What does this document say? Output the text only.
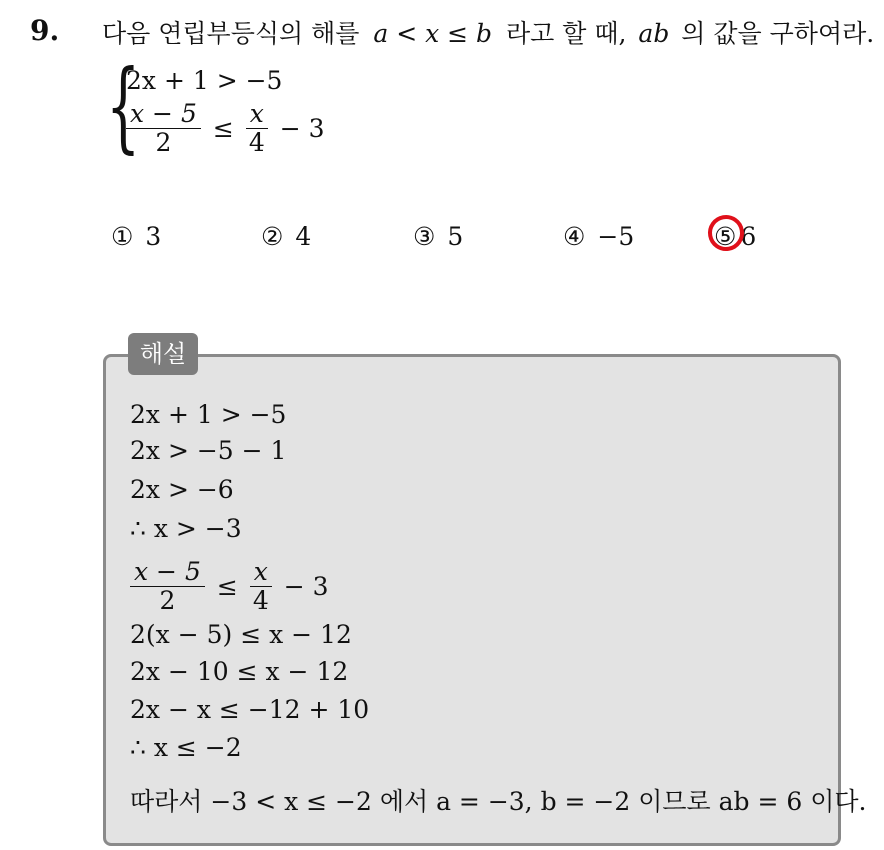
9. 다음 연립부등식의 해를 a < x ≤ b 라고 할 때, ab 의 값을 구하여라.
{
2x + 1 > −5
$\frac{x - 5}{2} \le \frac{x}{4} - 3$
① 3	② 4	③ 5	④ −5	⑤ 6
해설
2x + 1 > −5
2x > −5 − 1
2x > −6
∴ x > −3
$\frac{x - 5}{2} \le \frac{x}{4} - 3$
2(x − 5) ≤ x − 12
2x − 10 ≤ x − 12
2x − x ≤ −12 + 10
∴ x ≤ −2
따라서 −3 < x ≤ −2 에서 a = −3, b = −2 이므로 ab = 6 이다.
